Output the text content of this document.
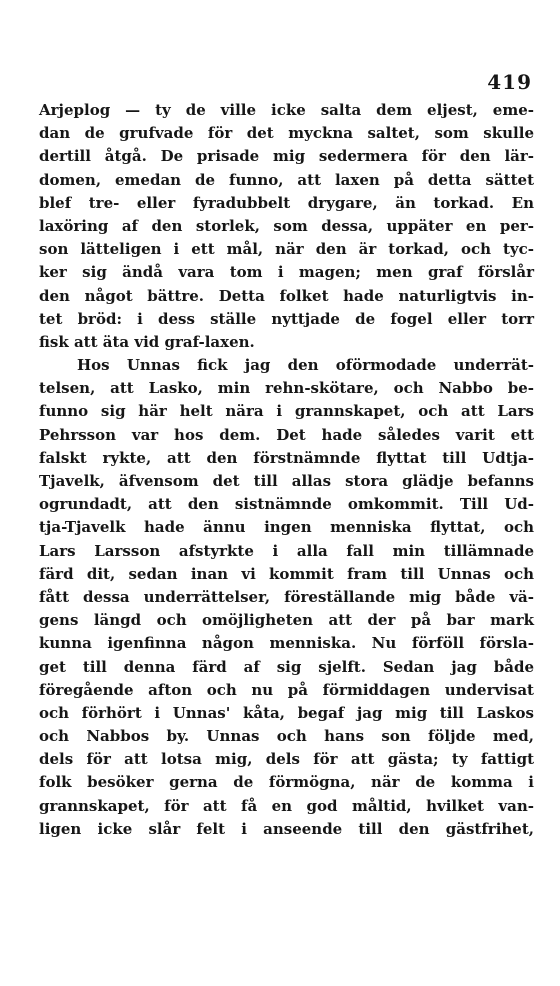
419
Arjeplog — ty de ville icke salta dem eljest, eme-
dan de grufvade för det myckna saltet, som skulle
dertill åtgå. De prisade mig sedermera för den lär-
domen, emedan de funno, att laxen på detta sättet
blef tre- eller fyradubbelt drygare, än torkad. En
laxöring af den storlek, som dessa, uppäter en per-
son lätteligen i ett mål, när den är torkad, och tyc-
ker sig ändå vara tom i magen; men graf förslår
den något bättre. Detta folket hade naturligtvis in-
tet bröd: i dess ställe nyttjade de fogel eller torr
fisk att äta vid graf-laxen.
Hos Unnas fick jag den oförmodade underrät-
telsen, att Lasko, min rehn-skötare, och Nabbo be-
funno sig här helt nära i grannskapet, och att Lars
Pehrsson var hos dem. Det hade således varit ett
falskt rykte, att den förstnämnde flyttat till Udtja-
Tjavelk, äfvensom det till allas stora glädje befanns
ogrundadt, att den sistnämnde omkommit. Till Ud-
tja-Tjavelk hade ännu ingen menniska flyttat, och
Lars Larsson afstyrkte i alla fall min tillämnade
färd dit, sedan inan vi kommit fram till Unnas och
fått dessa underrättelser, föreställande mig både vä-
gens längd och omöjligheten att der på bar mark
kunna igenfinna någon menniska. Nu förföll försla-
get till denna färd af sig sjelft. Sedan jag både
föregående afton och nu på förmiddagen undervisat
och förhört i Unnas' kåta, begaf jag mig till Laskos
och Nabbos by. Unnas och hans son följde med,
dels för att lotsa mig, dels för att gästa; ty fattigt
folk besöker gerna de förmögna, när de komma i
grannskapet, för att få en god måltid, hvilket van-
ligen icke slår felt i anseende till den gästfrihet,
